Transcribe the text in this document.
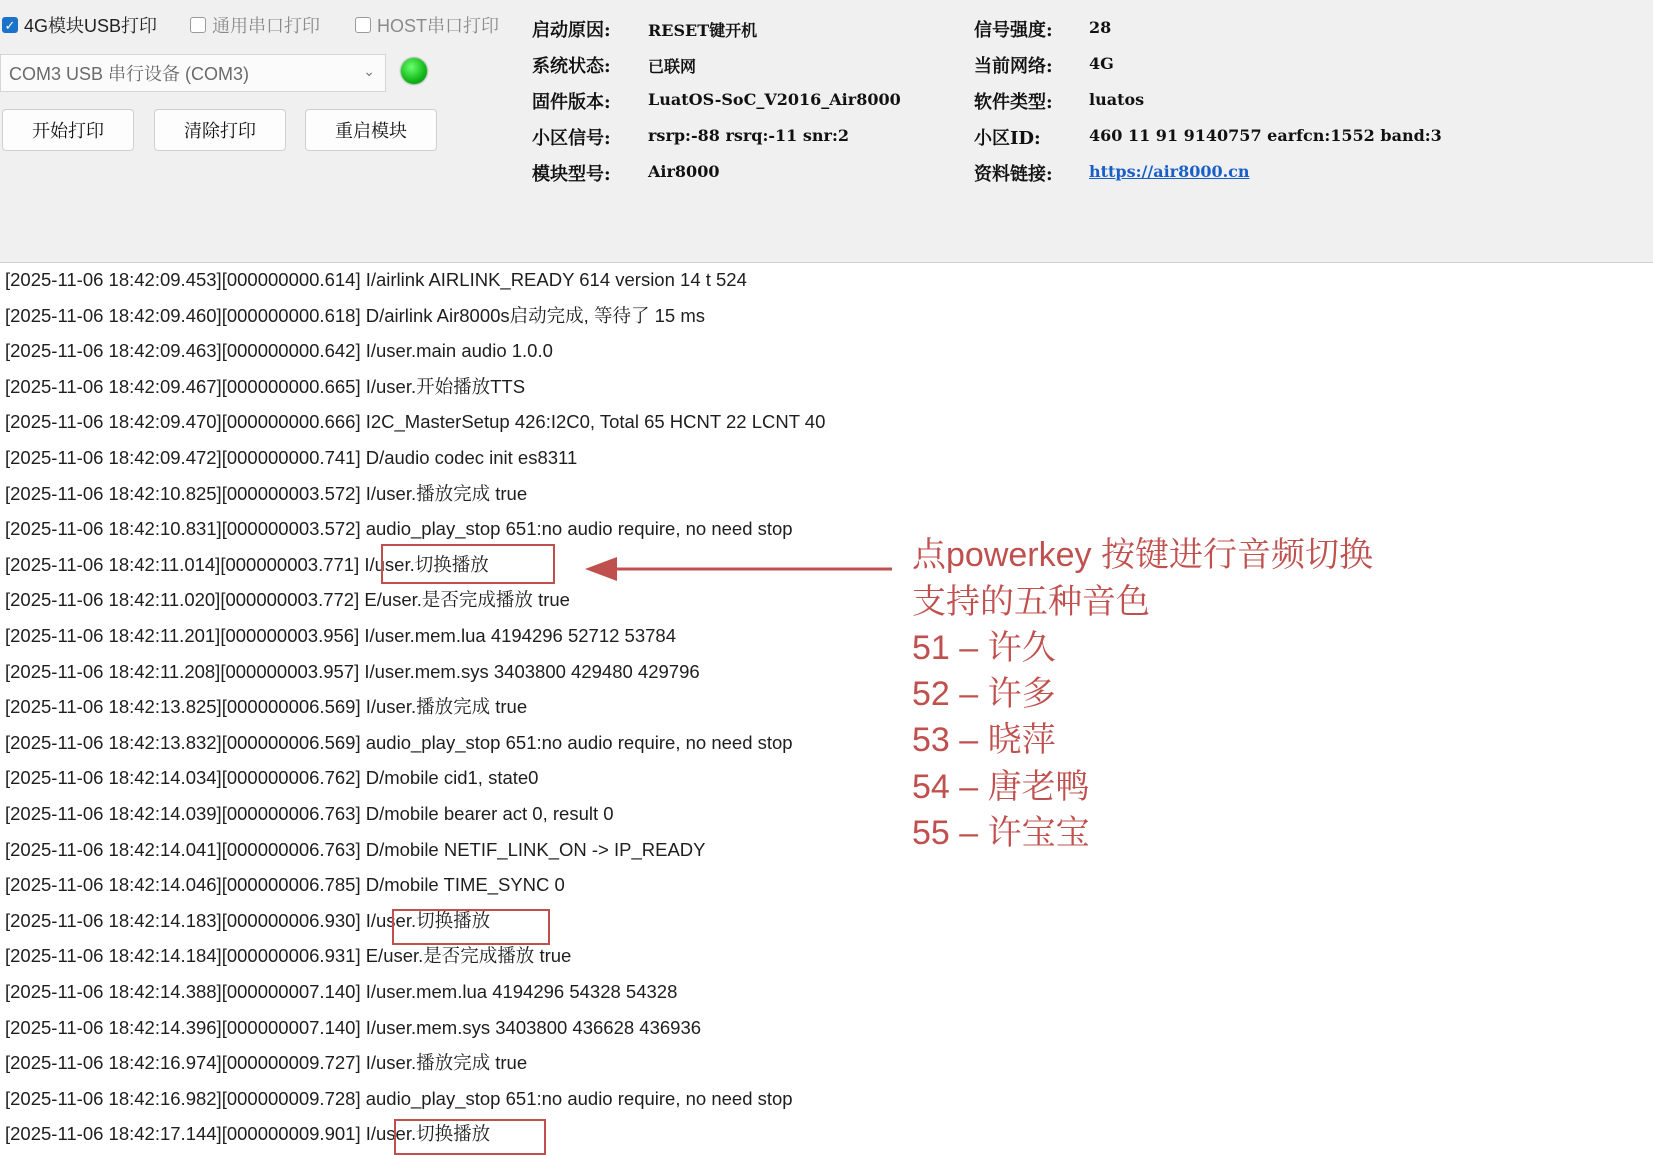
✓ 4G模块USB打印	通用串口打印	HOST串口打印
COM3 USB 串行设备 (COM3)	⌄
开始打印	清除打印	重启模块
启动原因: RESET键开机
系统状态: 已联网
固件版本: LuatOS-SoC_V2016_Air8000
小区信号: rsrp:-88 rsrq:-11 snr:2
模块型号: Air8000
信号强度: 28
当前网络: 4G
软件类型: luatos
小区ID:	460 11 91 9140757 earfcn:1552 band:3
资料链接: https://air8000.cn
[2025-11-06 18:42:09.453][000000000.614] I/airlink AIRLINK_READY 614 version 14 t 524
[2025-11-06 18:42:09.460][000000000.618] D/airlink Air8000s启动完成, 等待了 15 ms
[2025-11-06 18:42:09.463][000000000.642] I/user.main audio 1.0.0
[2025-11-06 18:42:09.467][000000000.665] I/user.开始播放TTS
[2025-11-06 18:42:09.470][000000000.666] I2C_MasterSetup 426:I2C0, Total 65 HCNT 22 LCNT 40
[2025-11-06 18:42:09.472][000000000.741] D/audio codec init es8311
[2025-11-06 18:42:10.825][000000003.572] I/user.播放完成 true
[2025-11-06 18:42:10.831][000000003.572] audio_play_stop 651:no audio require, no need stop
[2025-11-06 18:42:11.014][000000003.771] I/user.切换播放
[2025-11-06 18:42:11.020][000000003.772] E/user.是否完成播放 true
[2025-11-06 18:42:11.201][000000003.956] I/user.mem.lua 4194296 52712 53784
[2025-11-06 18:42:11.208][000000003.957] I/user.mem.sys 3403800 429480 429796
[2025-11-06 18:42:13.825][000000006.569] I/user.播放完成 true
[2025-11-06 18:42:13.832][000000006.569] audio_play_stop 651:no audio require, no need stop
[2025-11-06 18:42:14.034][000000006.762] D/mobile cid1, state0
[2025-11-06 18:42:14.039][000000006.763] D/mobile bearer act 0, result 0
[2025-11-06 18:42:14.041][000000006.763] D/mobile NETIF_LINK_ON -> IP_READY
[2025-11-06 18:42:14.046][000000006.785] D/mobile TIME_SYNC 0
[2025-11-06 18:42:14.183][000000006.930] I/user.切换播放
[2025-11-06 18:42:14.184][000000006.931] E/user.是否完成播放 true
[2025-11-06 18:42:14.388][000000007.140] I/user.mem.lua 4194296 54328 54328
[2025-11-06 18:42:14.396][000000007.140] I/user.mem.sys 3403800 436628 436936
[2025-11-06 18:42:16.974][000000009.727] I/user.播放完成 true
[2025-11-06 18:42:16.982][000000009.728] audio_play_stop 651:no audio require, no need stop
[2025-11-06 18:42:17.144][000000009.901] I/user.切换播放
点powerkey 按键进行音频切换
支持的五种音色
51 – 许久
52 – 许多
53 – 晓萍
54 – 唐老鸭
55 – 许宝宝
